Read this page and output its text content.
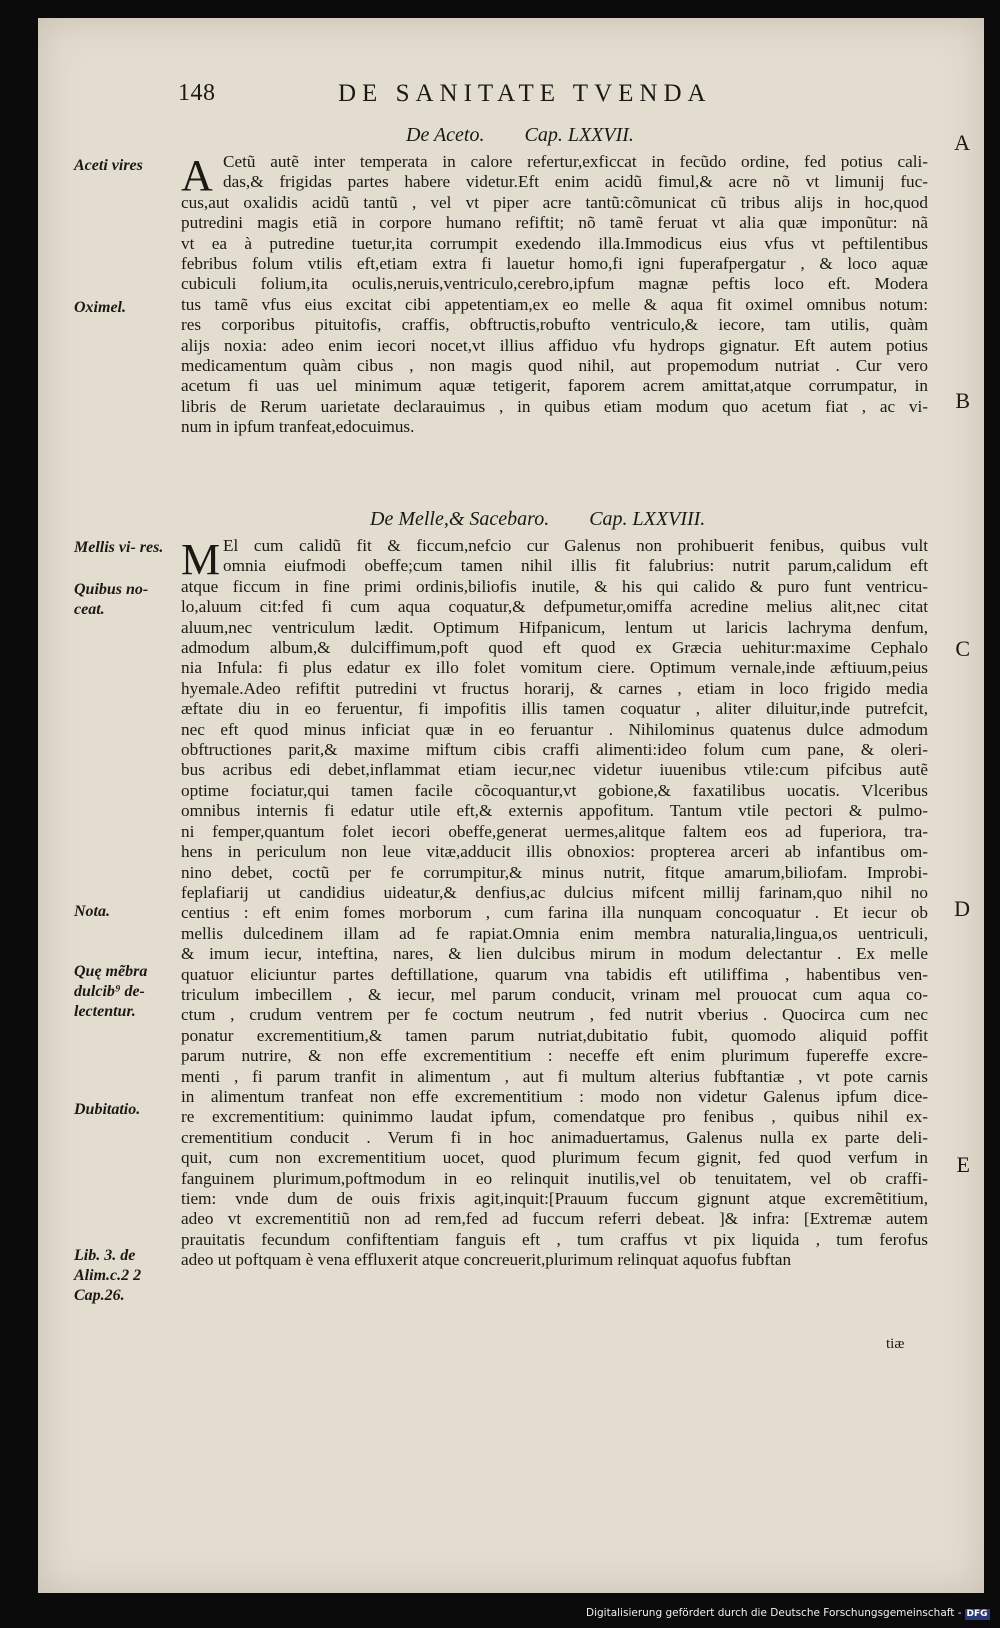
148	DE SANITATE TVENDA
A
B
C
D
E
De Aceto.        Cap. LXXVII.
A Cetũ autẽ inter temperata in calore refertur,exficcat in fecũdo ordine, fed potius cali-
das,& frigidas partes habere videtur.Eft enim acidũ fimul,& acre nõ vt limunij fuc-
cus,aut oxalidis acidũ tantũ , vel vt piper acre tantũ:cõmunicat cũ tribus alijs in hoc,quod
putredini magis etiã in corpore humano refiftit; nõ tamẽ feruat vt alia quæ imponũtur: nã
vt ea à putredine tuetur,ita corrumpit exedendo illa.Immodicus eius vfus vt peftilentibus
febribus folum vtilis eft,etiam extra fi lauetur homo,fi igni fuperafpergatur , & loco aquæ
cubiculi folium,ita oculis,neruis,ventriculo,cerebro,ipfum magnæ peftis loco eft. Modera
tus tamẽ vfus eius excitat cibi appetentiam,ex eo melle & aqua fit oximel omnibus notum:
res corporibus pituitofis, craffis, obftructis,robufto ventriculo,& iecore, tam utilis, quàm
alijs noxia: adeo enim iecori nocet,vt illius affiduo vfu hydrops gignatur. Eft autem potius
medicamentum quàm cibus , non magis quod nihil, aut propemodum nutriat . Cur vero
acetum fi uas uel minimum aquæ tetigerit, faporem acrem amittat,atque corrumpatur, in
libris de Rerum uarietate declarauimus , in quibus etiam modum quo acetum fiat , ac vi-
num in ipfum tranfeat,edocuimus.
De Melle,& Sacebaro.        Cap. LXXVIII.
M El cum calidũ fit & ficcum,nefcio cur Galenus non prohibuerit fenibus, quibus vult
omnia eiufmodi obeffe;cum tamen nihil illis fit falubrius: nutrit parum,calidum eft
atque ficcum in fine primi ordinis,biliofis inutile, & his qui calido & puro funt ventricu-
lo,aluum cit:fed fi cum aqua coquatur,& defpumetur,omiffa acredine melius alit,nec citat
aluum,nec ventriculum lædit. Optimum Hifpanicum, lentum ut laricis lachryma denfum,
admodum album,& dulciffimum,poft quod eft quod ex Græcia uehitur:maxime Cephalo
nia Infula: fi plus edatur ex illo folet vomitum ciere. Optimum vernale,inde æftiuum,peius
hyemale.Adeo refiftit putredini vt fructus horarij, & carnes , etiam in loco frigido media
æftate diu in eo feruentur, fi impofitis illis tamen coquatur , aliter diluitur,inde putrefcit,
nec eft quod minus inficiat quæ in eo feruantur . Nihilominus quatenus dulce admodum
obftructiones parit,& maxime miftum cibis craffi alimenti:ideo folum cum pane, & oleri-
bus acribus edi debet,inflammat etiam iecur,nec videtur iuuenibus vtile:cum pifcibus autẽ
optime fociatur,qui tamen facile cõcoquantur,vt gobione,& faxatilibus uocatis. Vlceribus
omnibus internis fi edatur utile eft,& externis appofitum. Tantum vtile pectori & pulmo-
ni femper,quantum folet iecori obeffe,generat uermes,alitque faltem eos ad fuperiora, tra-
hens in periculum non leue vitæ,adducit illis obnoxios: propterea arceri ab infantibus om-
nino debet, coctũ per fe corrumpitur,& minus nutrit, fitque amarum,biliofam. Improbi-
feplafiarij ut candidius uideatur,& denfius,ac dulcius mifcent millij farinam,quo nihil no
centius : eft enim fomes morborum , cum farina illa nunquam concoquatur . Et iecur ob
mellis dulcedinem illam ad fe rapiat.Omnia enim membra naturalia,lingua,os uentriculi,
& imum iecur, inteftina, nares, & lien dulcibus mirum in modum delectantur . Ex melle
quatuor eliciuntur partes deftillatione, quarum vna tabidis eft utiliffima , habentibus ven-
triculum imbecillem , & iecur, mel parum conducit, vrinam mel prouocat cum aqua co-
ctum , crudum ventrem per fe coctum neutrum , fed nutrit vberius . Quocirca cum nec
ponatur excrementitium,& tamen parum nutriat,dubitatio fubit, quomodo aliquid poffit
parum nutrire, & non effe excrementitium : neceffe eft enim plurimum fupereffe excre-
menti , fi parum tranfit in alimentum , aut fi multum alterius fubftantiæ , vt pote carnis
in alimentum tranfeat non effe excrementitium : modo non videtur Galenus ipfum dice-
re excrementitium: quinimmo laudat ipfum, comendatque pro fenibus , quibus nihil ex-
crementitium conducit . Verum fi in hoc animaduertamus, Galenus nulla ex parte deli-
quit, cum non excrementitium uocet, quod plurimum fecum gignit, fed quod verfum in
fanguinem plurimum,poftmodum in eo relinquit inutilis,vel ob tenuitatem, vel ob craffi-
tiem: vnde dum de ouis frixis agit,inquit:[Prauum fuccum gignunt atque excremẽtitium,
adeo vt excrementitiũ non ad rem,fed ad fuccum referri debeat. ]& infra: [Extremæ autem
prauitatis fecundum confiftentiam fanguis eft , tum craffus vt pix liquida , tum ferofus
adeo ut poftquam è vena effluxerit atque concreuerit,plurimum relinquat aquofus fubftan
Aceti vires
Oximel.
Mellis vi- res.
Quibus no- ceat.
Nota.
Quę mẽbra dulcib⁹ de- lectentur.
Dubitatio.
Lib. 3. de Alim.c.2 2 Cap.26.
tiæ
Digitalisierung gefördert durch die Deutsche Forschungsgemeinschaft - DFG
